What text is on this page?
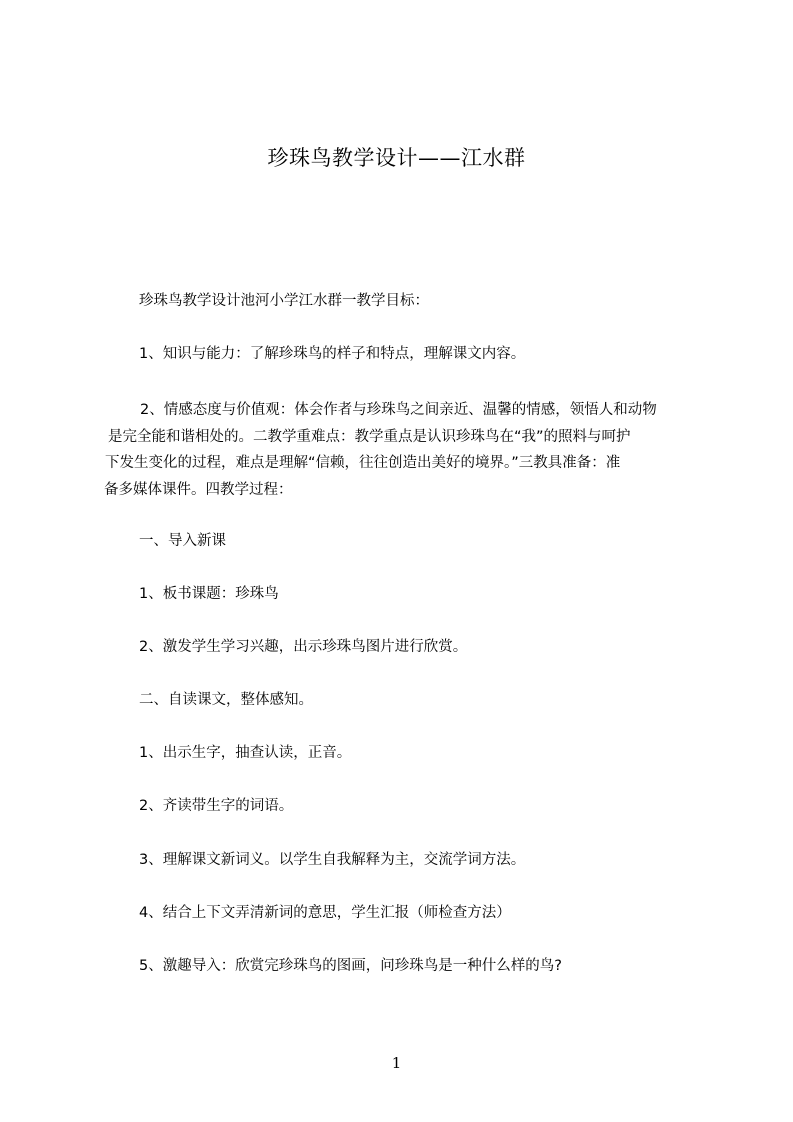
珍珠鸟教学设计——江水群
珍珠鸟教学设计池河小学江水群一教学目标：
1、知识与能力：了解珍珠鸟的样子和特点，理解课文内容。
2、情感态度与价值观：体会作者与珍珠鸟之间亲近、温馨的情感，领悟人和动物
是完全能和谐相处的。二教学重难点：教学重点是认识珍珠鸟在“我”的照料与呵护
下发生变化的过程，难点是理解“信赖，往往创造出美好的境界。”三教具准备：准
备多媒体课件。四教学过程：
一、导入新课
1、板书课题：珍珠鸟
2、激发学生学习兴趣，出示珍珠鸟图片进行欣赏。
二、自读课文，整体感知。
1、出示生字，抽查认读，正音。
2、齐读带生字的词语。
3、理解课文新词义。以学生自我解释为主，交流学词方法。
4、结合上下文弄清新词的意思，学生汇报（师检查方法）
5、激趣导入：欣赏完珍珠鸟的图画，问珍珠鸟是一种什么样的鸟?
1
